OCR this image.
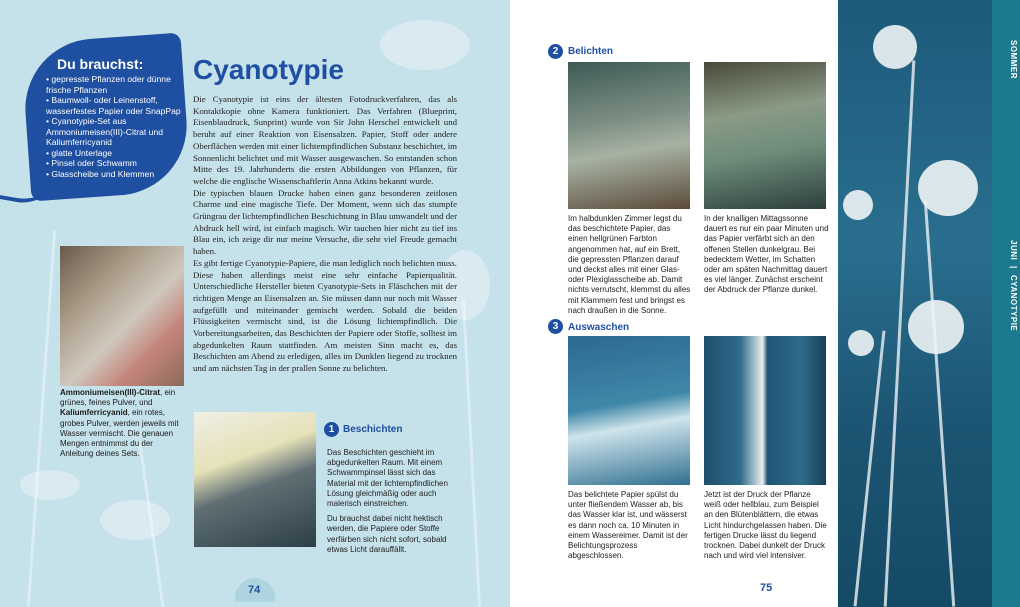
Du brauchst:
• gepresste Pflanzen oder dünne frische Pflanzen
• Baumwoll- oder Leinenstoff, wasserfestes Papier oder SnapPap
• Cyanotypie-Set aus Ammoniumeisen(III)-Citrat und Kaliumferricyanid
• glatte Unterlage
• Pinsel oder Schwamm
• Glasscheibe und Klemmen
Cyanotypie

Die Cyanotypie ist eins der ältesten Fotodruckverfahren, das als Kontaktkopie ohne Kamera funktioniert. Das Verfahren (Blueprint, Eisenblaudruck, Sunprint) wurde von Sir John Herschel entwickelt und beruht auf einer Reaktion von Eisensalzen. Papier, Stoff oder andere Oberflächen werden mit einer lichtempfindlichen Substanz beschichtet, im Sonnenlicht belichtet und mit Wasser ausgewaschen. So entstanden schon Mitte des 19. Jahrhunderts die ersten Abbildungen von Pflanzen, für welche die englische Wissenschaftlerin Anna Atkins bekannt wurde.

Die typischen blauen Drucke haben einen ganz besonderen zeitlosen Charme und eine magische Tiefe. Der Moment, wenn sich das stumpfe Grüngrau der lichtempfindlichen Beschichtung in Blau umwandelt und der Abdruck hell wird, ist einfach magisch. Wir tauchen hier nicht zu tief ins Blau ein, ich zeige dir nur meine Versuche, die sehr viel Freude gemacht haben.

Es gibt fertige Cyanotypie-Papiere, die man lediglich noch belichten muss. Diese haben allerdings meist eine sehr einfache Papierqualität. Unterschiedliche Hersteller bieten Cyanotypie-Sets in Fläschchen mit der richtigen Menge an Eisensalzen an. Sie müssen dann nur noch mit Wasser aufgefüllt und miteinander gemischt werden. Sobald die beiden Flüssigkeiten vermischt sind, ist die Lösung lichtempfindlich. Die Vorbereitungsarbeiten, das Beschichten der Papiere oder Stoffe, solltest im abgedunkelten Raum stattfinden. Am meisten Sinn macht es, das Beschichten am Abend zu erledigen, alles im Dunklen liegend zu trocknen und am nächsten Tag in der prallen Sonne zu belichten.

Ammoniumeisen(III)-Citrat, ein grünes, feines Pulver, und Kaliumferricyanid, ein rotes, grobes Pulver, werden jeweils mit Wasser vermischt. Die genauen Mengen entnimmst du der Anleitung deines Sets.
1 Beschichten

Das Beschichten geschieht im abgedunkelten Raum. Mit einem Schwammpinsel lässt sich das Material mit der lichtempfindlichen Lösung gleichmäßig oder auch malerisch einstreichen.

Du brauchst dabei nicht hektisch werden, die Papiere oder Stoffe verfärben sich nicht sofort, sobald etwas Licht darauffällt.

74
2 Belichten
Im halbdunklen Zimmer legst du das beschichtete Papier, das einen hellgrünen Farbton angenommen hat, auf ein Brett, die gepressten Pflanzen darauf und deckst alles mit einer Glas- oder Plexiglasscheibe ab. Damit nichts verrutscht, klemmst du alles mit Klammern fest und bringst es nach draußen in die Sonne.
In der knalligen Mittagssonne dauert es nur ein paar Minuten und das Papier verfärbt sich an den offenen Stellen dunkelgrau. Bei bedecktem Wetter, im Schatten oder am späten Nachmittag dauert es viel länger. Zunächst erscheint der Abdruck der Pflanze dunkel.
3 Auswaschen
Das belichtete Papier spülst du unter fließendem Wasser ab, bis das Wasser klar ist, und wässerst es dann noch ca. 10 Minuten in einem Wassereimer. Damit ist der Belichtungsprozess abgeschlossen.
Jetzt ist der Druck der Pflanze weiß oder hellblau, zum Beispiel an den Blütenblättern, die etwas Licht hindurchgelassen haben. Die fertigen Drucke lässt du liegend trocknen. Dabei dunkelt der Druck nach und wird viel intensiver.
75
SOMMER
JUNI|CYANOTYPIE
